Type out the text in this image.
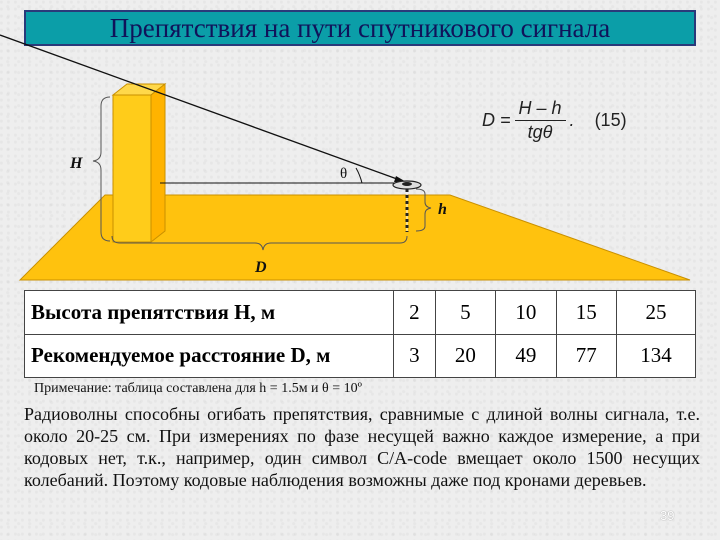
Препятствия на пути спутникового сигнала
H
θ
h
D
$D = \frac{H - h}{\text{tgθ}}$ . (15)
Высота препятствия H, м	2	5	10	15	25
Рекомендуемое расстояние D, м	3	20	49	77	134
Примечание: таблица составлена для h = 1.5м и θ = 10º
Радиоволны способны огибать препятствия, сравнимые с длиной волны сигнала, т.е. около 20-25 см. При измерениях по фазе несущей важно каждое измерение, а при кодовых нет, т.к., например, один символ C/A-code вмещает около 1500 несущих колебаний. Поэтому кодовые наблюдения возможны даже под кронами деревьев.
39
